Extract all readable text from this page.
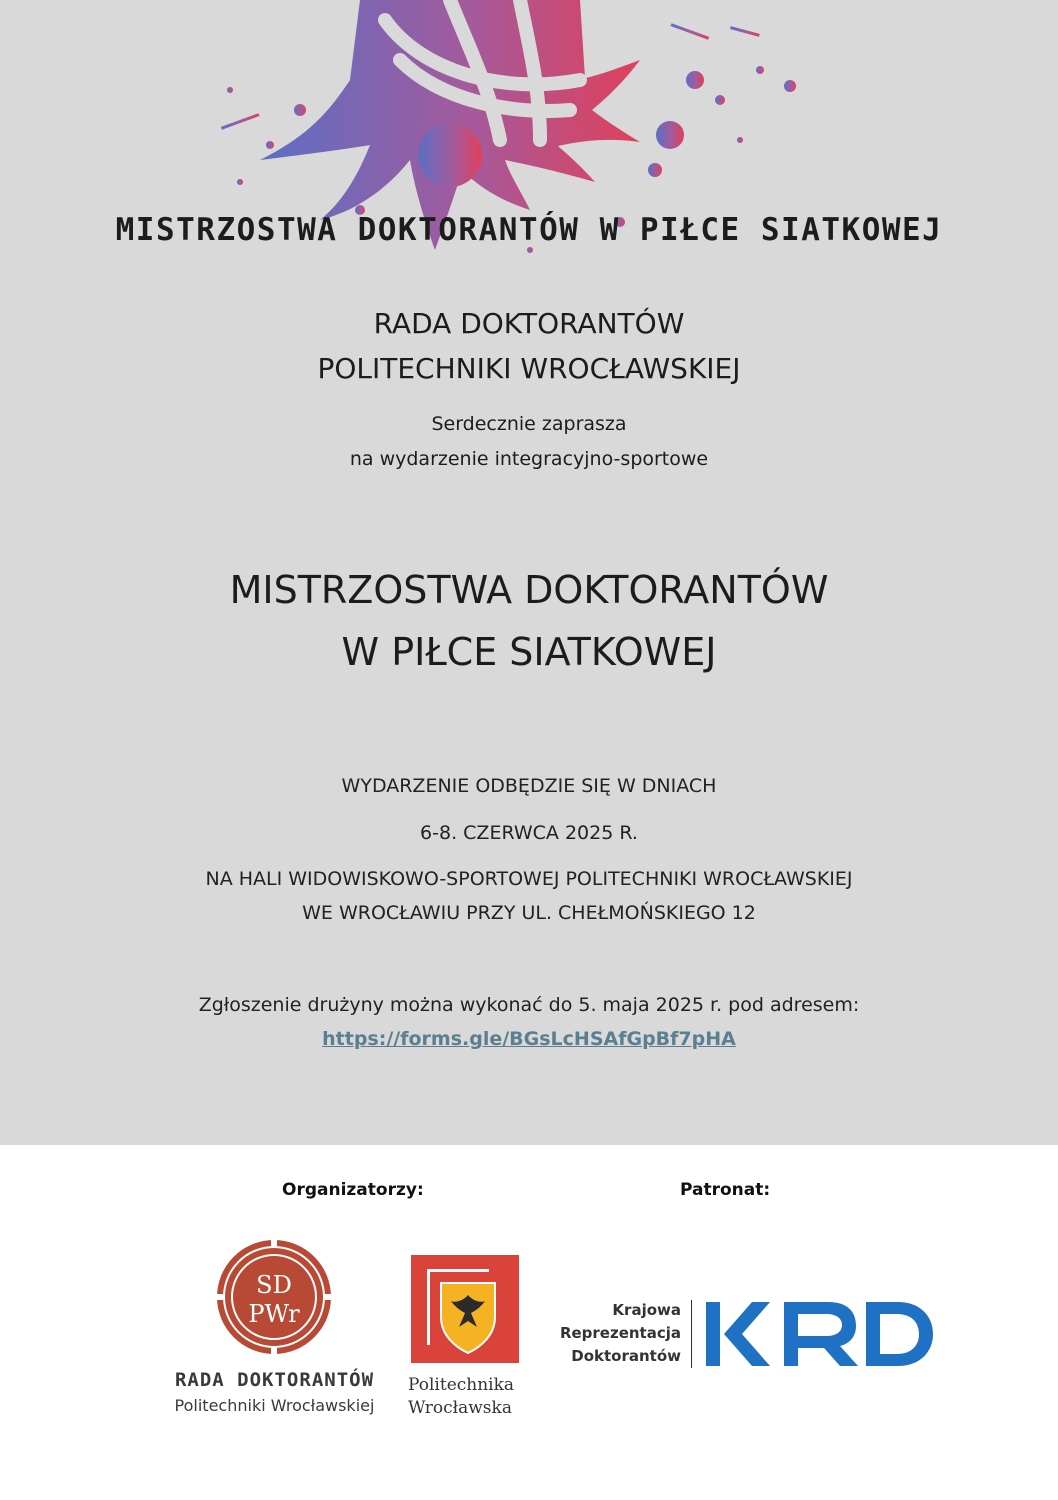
MISTRZOSTWA DOKTORANTÓW W PIŁCE SIATKOWEJ
RADA DOKTORANTÓW
POLITECHNIKI WROCŁAWSKIEJ
Serdecznie zaprasza
na wydarzenie integracyjno-sportowe
MISTRZOSTWA DOKTORANTÓW
W PIŁCE SIATKOWEJ
WYDARZENIE ODBĘDZIE SIĘ W DNIACH
6-8. CZERWCA 2025 R.
NA HALI WIDOWISKOWO-SPORTOWEJ POLITECHNIKI WROCŁAWSKIEJ
WE WROCŁAWIU PRZY UL. CHEŁMOŃSKIEGO 12
Zgłoszenie drużyny można wykonać do 5. maja 2025 r. pod adresem:
https://forms.gle/BGsLcHSAfGpBf7pHA
Organizatorzy:	Patronat:
SD
PWr
RADA DOKTORANTÓW
Politechniki Wrocławskiej
Politechnika
Wrocławska
Krajowa
Reprezentacja
Doktorantów
